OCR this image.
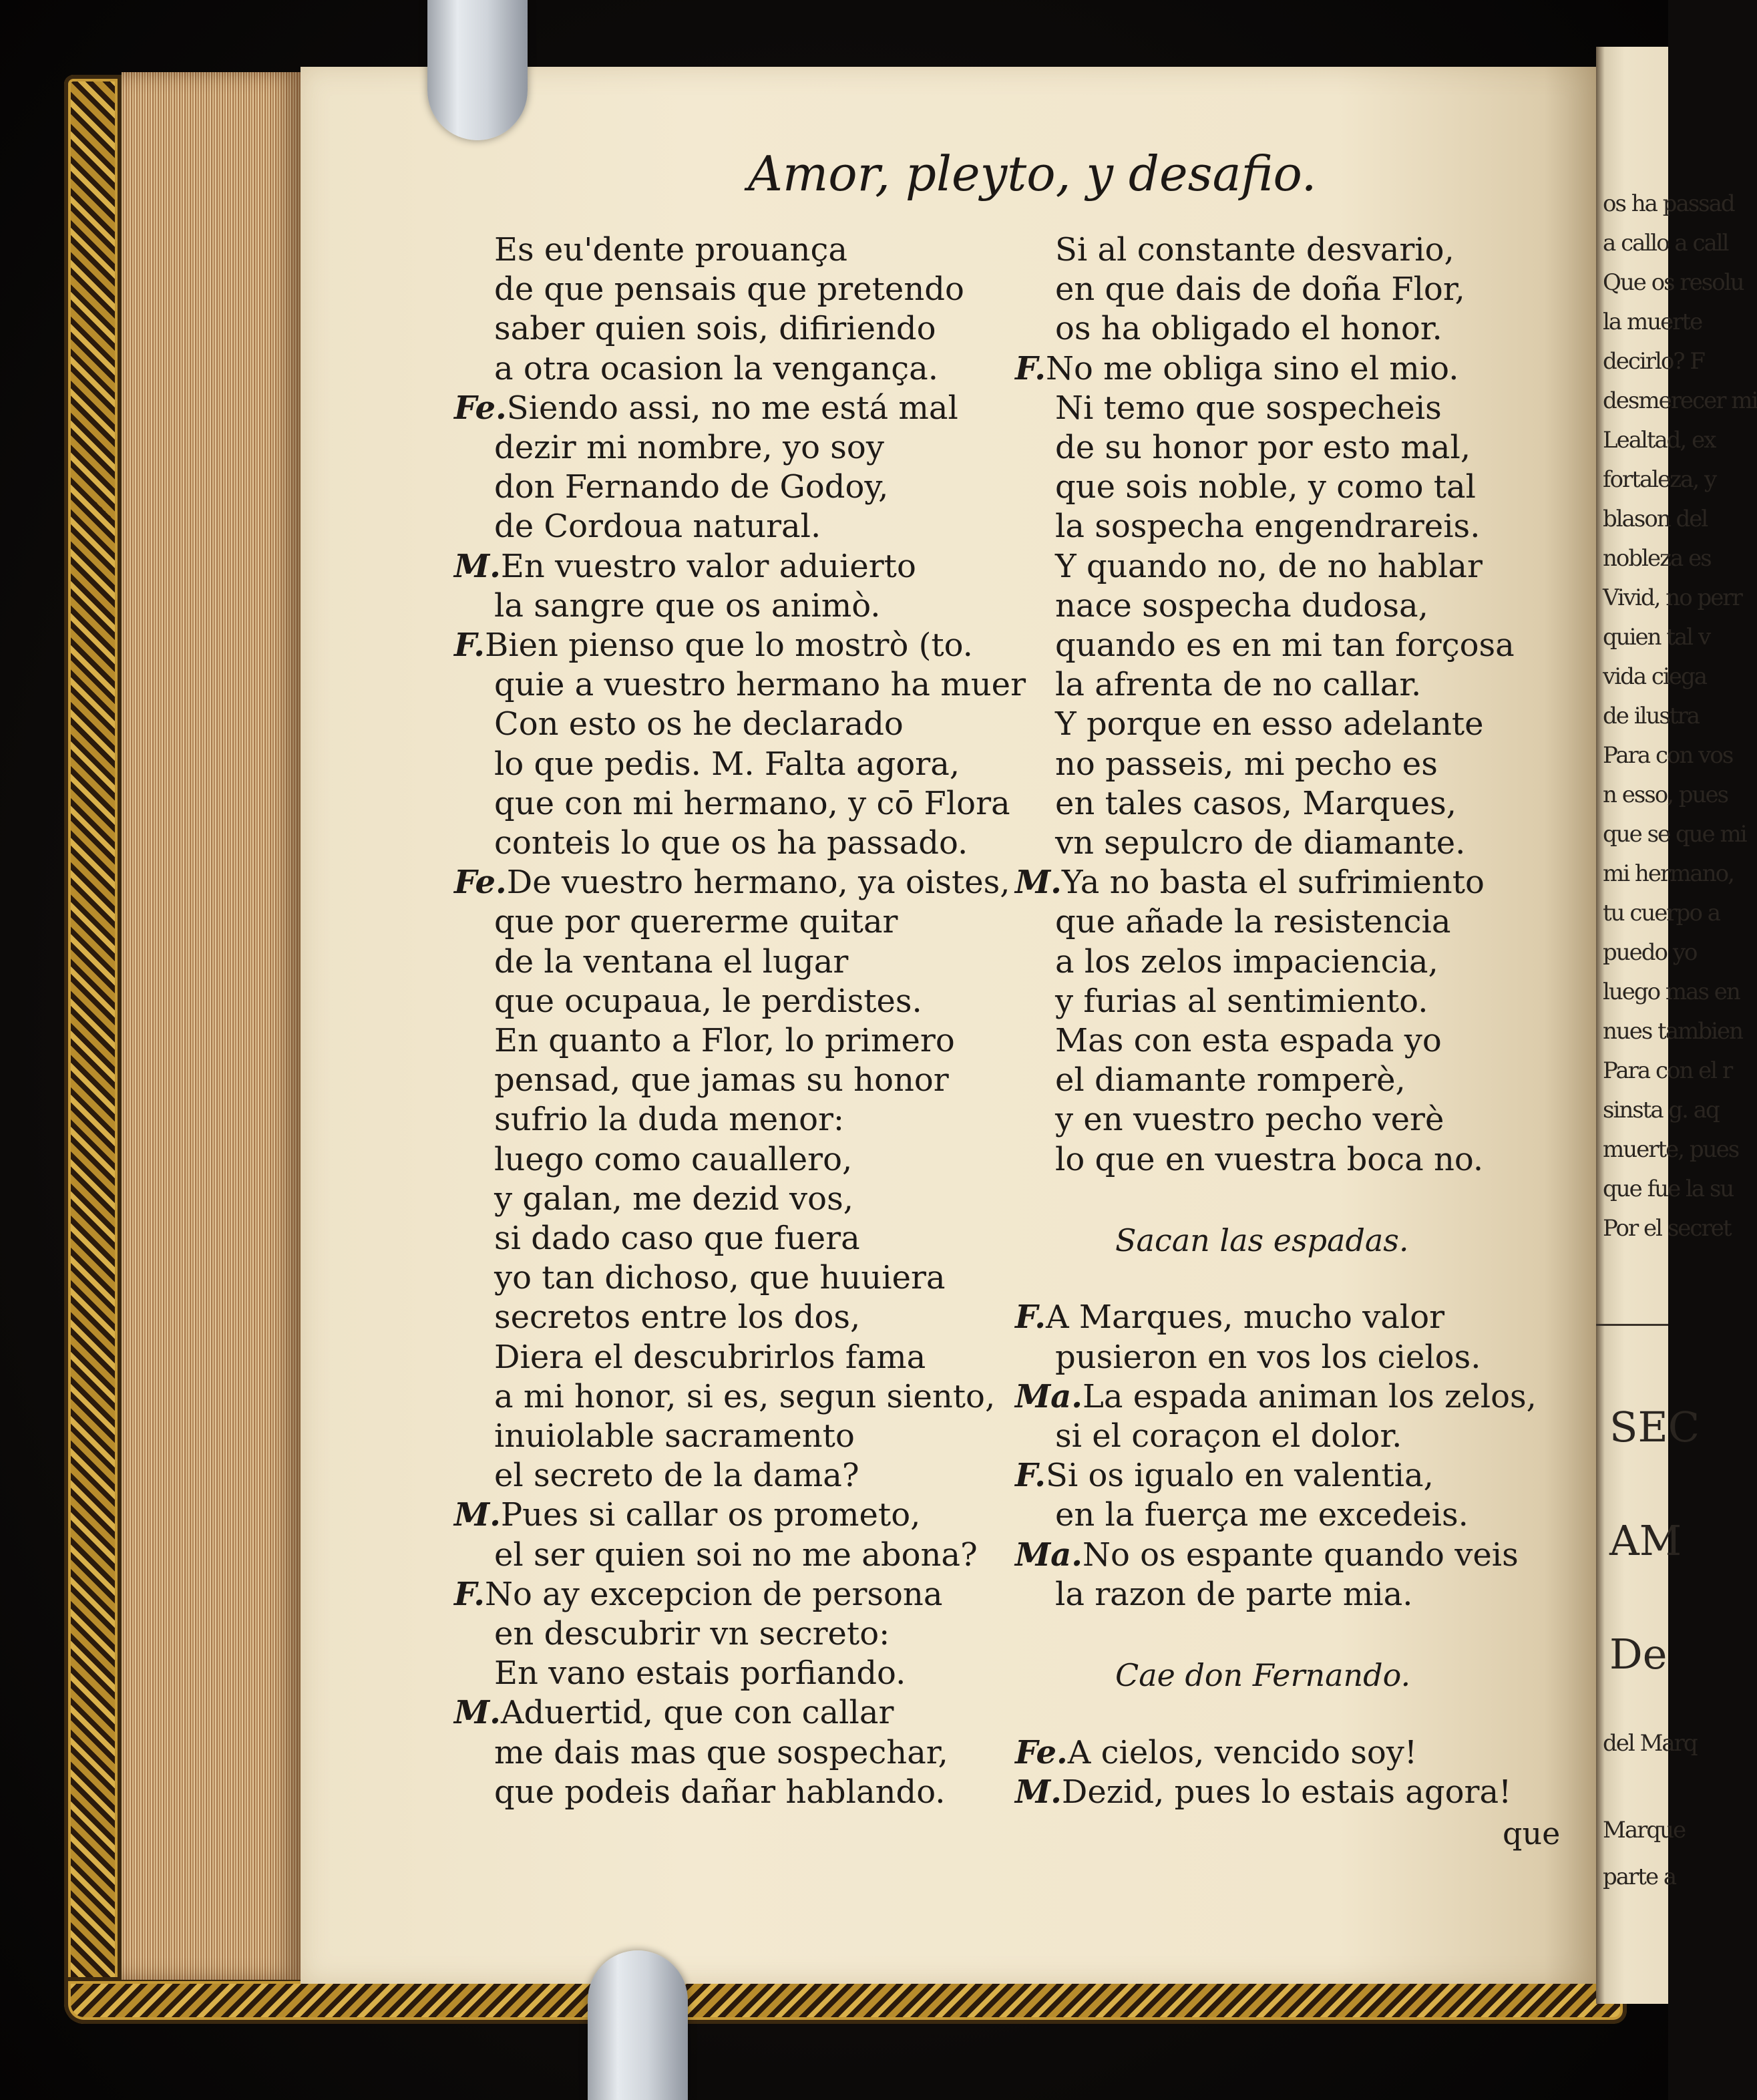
os ha passad
a callo a call
Que os resolu
la muerte
decirlo? F
desmerecer mi
Lealtad, ex
fortaleza, y
blason del
nobleza es
Vivid, no perr
quien tal v
vida ciega
de ilustra
Para con vos
n esso, pues
que se que mi
mi hermano,
tu cuerpo a
puedo yo
luego mas en
nues tambien
Para con el r
sinsta g. aq
muerte, pues
que fue la su
Por el secret
SEC
AM
De
del Marq
Marque
parte a
Amor, pleyto, y desafio.
Es eu'dente prouança
de que pensais que pretendo
saber quien sois, difiriendo
a otra ocasion la vengança.
Fe.Siendo assi, no me está mal
dezir mi nombre, yo soy
don Fernando de Godoy,
de Cordoua natural.
M.En vuestro valor aduierto
la sangre que os animò.
F.Bien pienso que lo mostrò (to.
quie a vuestro hermano ha muer
Con esto os he declarado
lo que pedis. M. Falta agora,
que con mi hermano, y cō Flora
conteis lo que os ha passado.
Fe.De vuestro hermano, ya oistes,
que por quererme quitar
de la ventana el lugar
que ocupaua, le perdistes.
En quanto a Flor, lo primero
pensad, que jamas su honor
sufrio la duda menor:
luego como cauallero,
y galan, me dezid vos,
si dado caso que fuera
yo tan dichoso, que huuiera
secretos entre los dos,
Diera el descubrirlos fama
a mi honor, si es, segun siento,
inuiolable sacramento
el secreto de la dama?
M.Pues si callar os prometo,
el ser quien soi no me abona?
F.No ay excepcion de persona
en descubrir vn secreto:
En vano estais porfiando.
M.Aduertid, que con callar
me dais mas que sospechar,
que podeis dañar hablando.
Si al constante desvario,
en que dais de doña Flor,
os ha obligado el honor.
F.No me obliga sino el mio.
Ni temo que sospecheis
de su honor por esto mal,
que sois noble, y como tal
la sospecha engendrareis.
Y quando no, de no hablar
nace sospecha dudosa,
quando es en mi tan forçosa
la afrenta de no callar.
Y porque en esso adelante
no passeis, mi pecho es
en tales casos, Marques,
vn sepulcro de diamante.
M.Ya no basta el sufrimiento
que añade la resistencia
a los zelos impaciencia,
y furias al sentimiento.
Mas con esta espada yo
el diamante romperè,
y en vuestro pecho verè
lo que en vuestra boca no.
Sacan las espadas.
F.A Marques, mucho valor
pusieron en vos los cielos.
Ma.La espada animan los zelos,
si el coraçon el dolor.
F.Si os igualo en valentia,
en la fuerça me excedeis.
Ma.No os espante quando veis
la razon de parte mia.
Cae don Fernando.
Fe.A cielos, vencido soy!
M.Dezid, pues lo estais agora!
que
